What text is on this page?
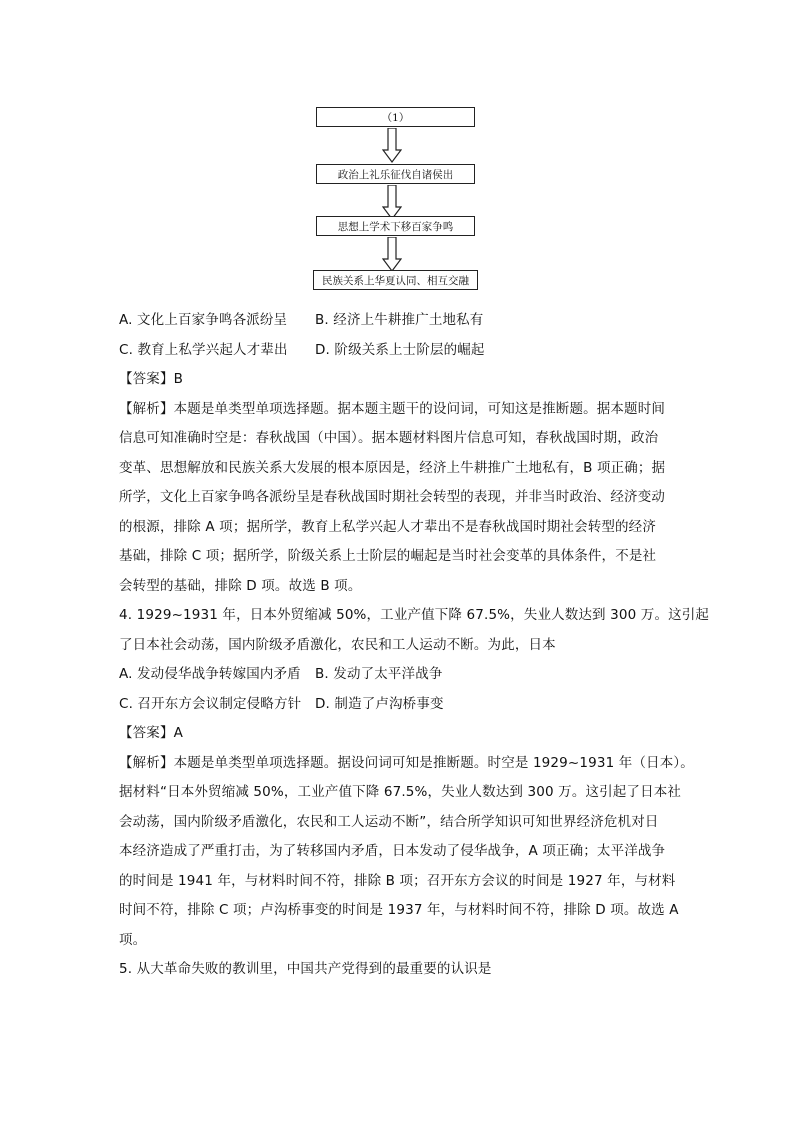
（1）
政治上礼乐征伐自诸侯出
思想上学术下移百家争鸣
民族关系上华夏认同、相互交融
A. 文化上百家争鸣各派纷呈 B. 经济上牛耕推广土地私有
C. 教育上私学兴起人才辈出 D. 阶级关系上士阶层的崛起
【答案】B
【解析】本题是单类型单项选择题。据本题主题干的设问词，可知这是推断题。据本题时间
信息可知准确时空是：春秋战国（中国）。据本题材料图片信息可知，春秋战国时期，政治
变革、思想解放和民族关系大发展的根本原因是，经济上牛耕推广土地私有，B 项正确；据
所学，文化上百家争鸣各派纷呈是春秋战国时期社会转型的表现，并非当时政治、经济变动
的根源，排除 A 项；据所学，教育上私学兴起人才辈出不是春秋战国时期社会转型的经济
基础，排除 C 项；据所学，阶级关系上士阶层的崛起是当时社会变革的具体条件，不是社
会转型的基础，排除 D 项。故选 B 项。
4. 1929~1931 年，日本外贸缩减 50%，工业产值下降 67.5%，失业人数达到 300 万。这引起
了日本社会动荡，国内阶级矛盾激化，农民和工人运动不断。为此，日本
A. 发动侵华战争转嫁国内矛盾 B. 发动了太平洋战争
C. 召开东方会议制定侵略方针 D. 制造了卢沟桥事变
【答案】A
【解析】本题是单类型单项选择题。据设问词可知是推断题。时空是 1929~1931 年（日本）。
据材料“日本外贸缩减 50%，工业产值下降 67.5%，失业人数达到 300 万。这引起了日本社
会动荡，国内阶级矛盾激化，农民和工人运动不断”，结合所学知识可知世界经济危机对日
本经济造成了严重打击，为了转移国内矛盾，日本发动了侵华战争，A 项正确；太平洋战争
的时间是 1941 年，与材料时间不符，排除 B 项；召开东方会议的时间是 1927 年，与材料
时间不符，排除 C 项；卢沟桥事变的时间是 1937 年，与材料时间不符，排除 D 项。故选 A
项。
5. 从大革命失败的教训里，中国共产党得到的最重要的认识是
